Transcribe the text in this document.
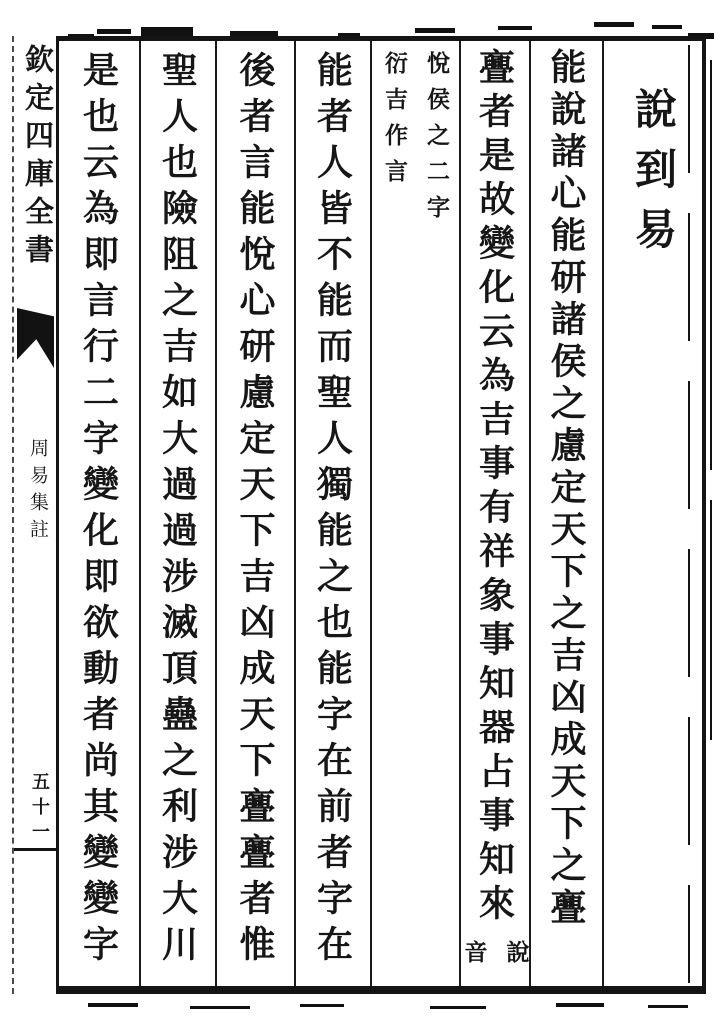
欽定四庫全書
周易集註
五十一
說到易
能說諸心能研諸侯之慮定天下之吉凶成天下之亹
亹者是故變化云為吉事有祥象事知器占事知來
說
音
悅侯之二字
衍吉作言
能者人皆不能而聖人獨能之也能字在前者字在
後者言能悅心研慮定天下吉凶成天下亹亹者惟
聖人也險阻之吉如大過過涉滅頂蠱之利涉大川
是也云為即言行二字變化即欲動者尚其變變字
